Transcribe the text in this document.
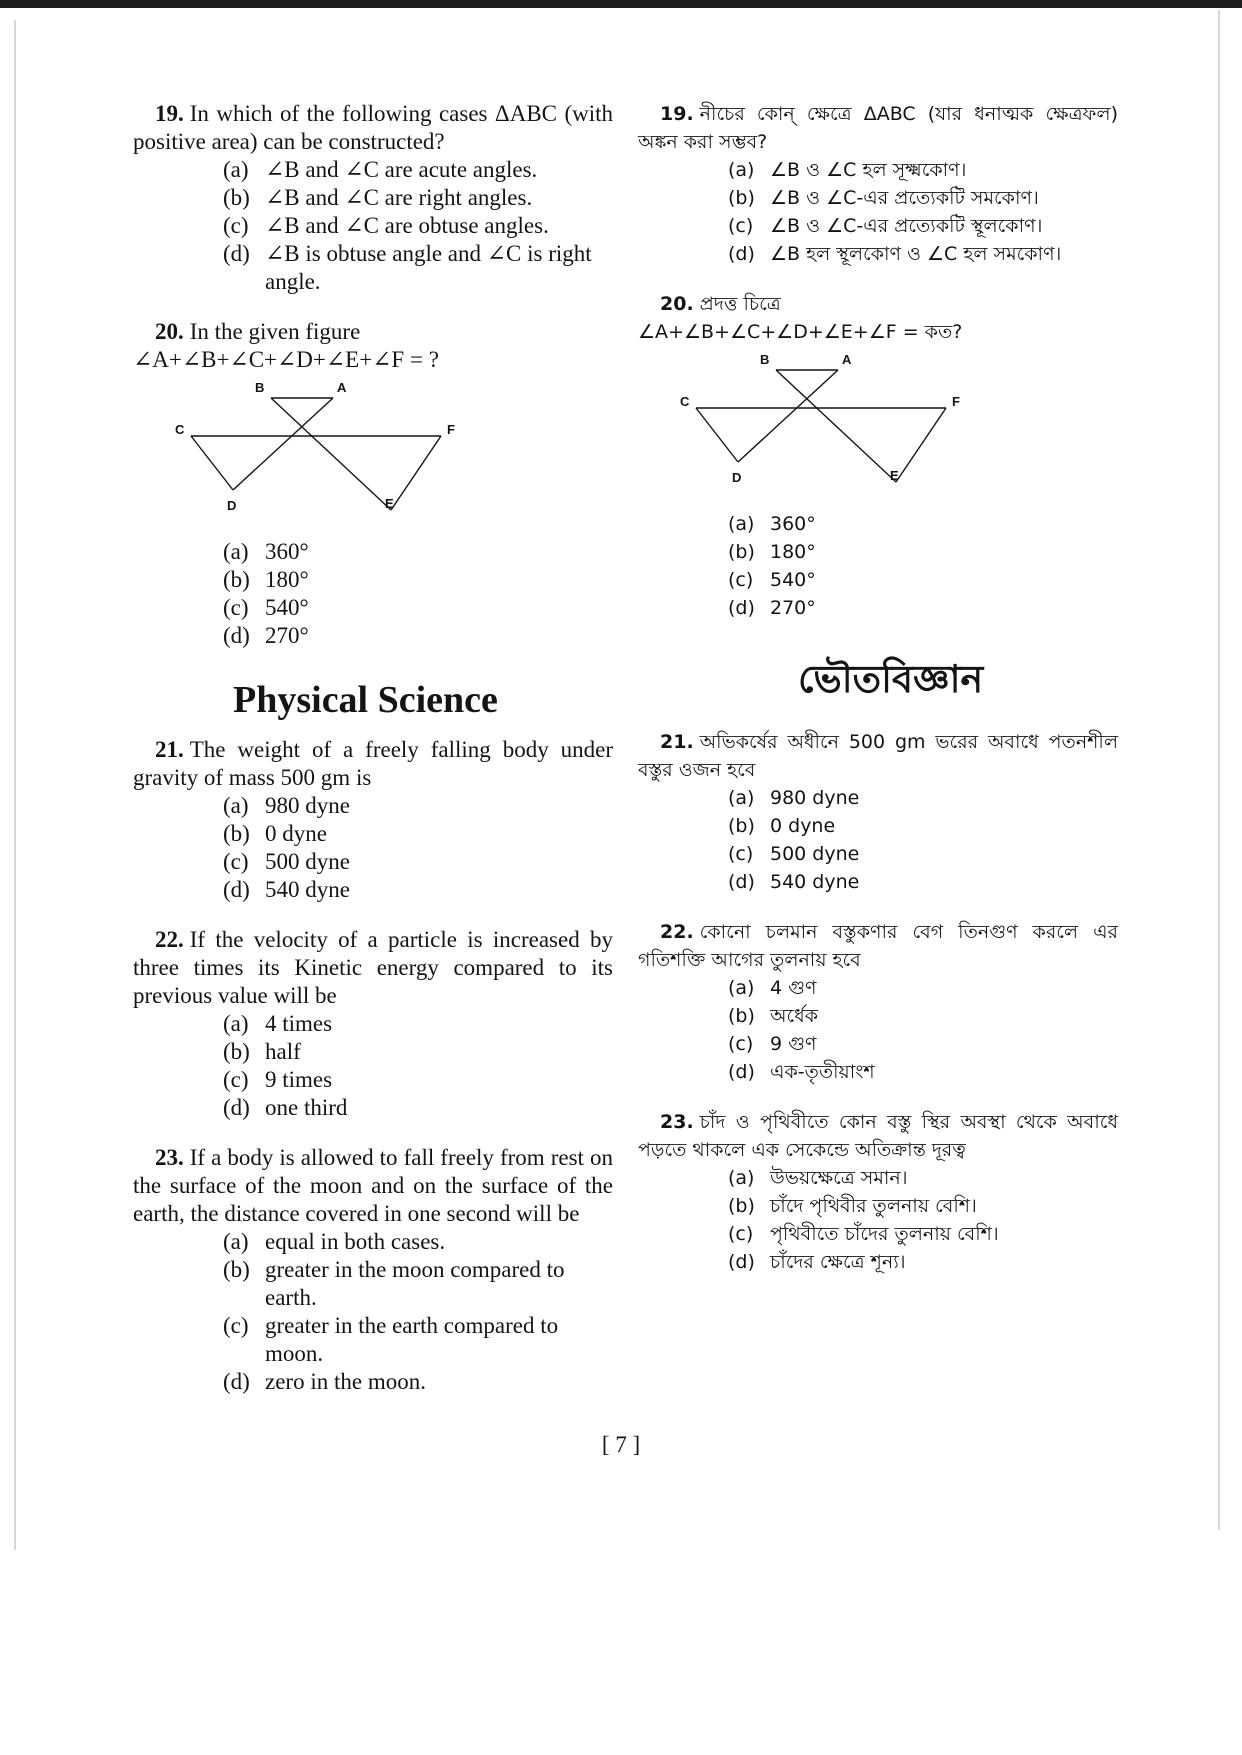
19. In which of the following cases ΔABC (with positive area) can be constructed?
(a) ∠B and ∠C are acute angles.
(b) ∠B and ∠C are right angles.
(c) ∠B and ∠C are obtuse angles.
(d) ∠B is obtuse angle and ∠C is right angle.
20. In the given figure
∠A+∠B+∠C+∠D+∠E+∠F = ?
B	A
C	F
D	E
(a) 360°
(b) 180°
(c) 540°
(d) 270°
Physical Science
21. The weight of a freely falling body under gravity of mass 500 gm is
(a) 980 dyne
(b) 0 dyne
(c) 500 dyne
(d) 540 dyne
22. If the velocity of a particle is increased by three times its Kinetic energy compared to its previous value will be
(a) 4 times
(b) half
(c) 9 times
(d) one third
23. If a body is allowed to fall freely from rest on the surface of the moon and on the surface of the earth, the distance covered in one second will be
(a) equal in both cases.
(b) greater in the moon compared to earth.
(c) greater in the earth compared to moon.
(d) zero in the moon.
19. নীচের কোন্ ক্ষেত্রে ΔABC (যার ধনাত্মক ক্ষেত্রফল) অঙ্কন করা সম্ভব?
(a) ∠B ও ∠C হল সূক্ষ্মকোণ।
(b) ∠B ও ∠C-এর প্রত্যেকটি সমকোণ।
(c) ∠B ও ∠C-এর প্রত্যেকটি স্থূলকোণ।
(d) ∠B হল স্থূলকোণ ও ∠C হল সমকোণ।
20. প্রদত্ত চিত্রে
∠A+∠B+∠C+∠D+∠E+∠F = কত?
B	A
C	F
D	E
(a) 360°
(b) 180°
(c) 540°
(d) 270°
ভৌতবিজ্ঞান
21. অভিকর্ষের অধীনে 500 gm ভরের অবাধে পতনশীল বস্তুর ওজন হবে
(a) 980 dyne
(b) 0 dyne
(c) 500 dyne
(d) 540 dyne
22. কোনো চলমান বস্তুকণার বেগ তিনগুণ করলে এর গতিশক্তি আগের তুলনায় হবে
(a) 4 গুণ
(b) অর্ধেক
(c) 9 গুণ
(d) এক-তৃতীয়াংশ
23. চাঁদ ও পৃথিবীতে কোন বস্তু স্থির অবস্থা থেকে অবাধে পড়তে থাকলে এক সেকেন্ডে অতিক্রান্ত দূরত্ব
(a) উভয়ক্ষেত্রে সমান।
(b) চাঁদে পৃথিবীর তুলনায় বেশি।
(c) পৃথিবীতে চাঁদের তুলনায় বেশি।
(d) চাঁদের ক্ষেত্রে শূন্য।
[ 7 ]
